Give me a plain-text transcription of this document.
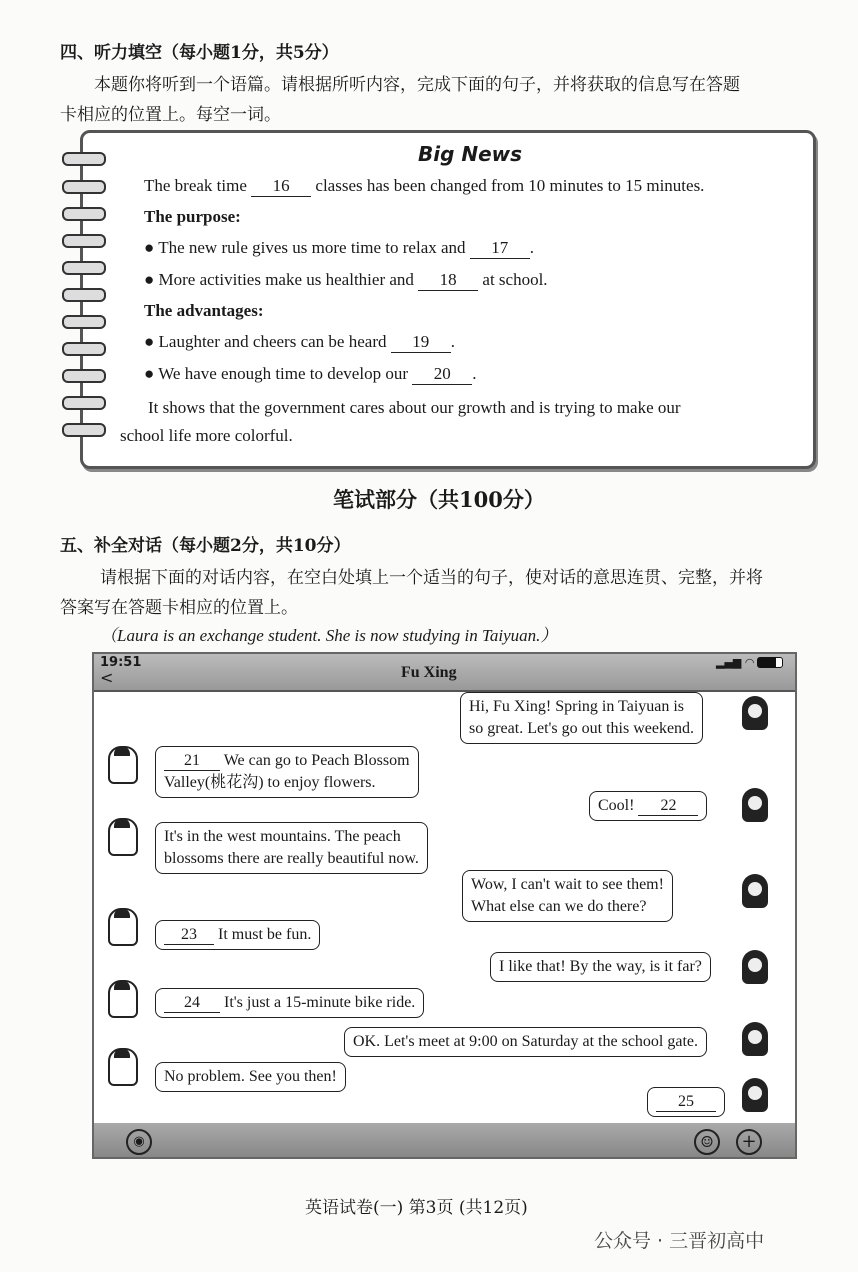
四、听力填空（每小题1分，共5分）
本题你将听到一个语篇。请根据所听内容，完成下面的句子，并将获取的信息写在答题
卡相应的位置上。每空一词。
Big News
The break time 16 classes has been changed from 10 minutes to 15 minutes.
The purpose:
● The new rule gives us more time to relax and 17 .
● More activities make us healthier and 18 at school.
The advantages:
● Laughter and cheers can be heard 19 .
● We have enough time to develop our 20 .
It shows that the government cares about our growth and is trying to make our
school life more colorful.
笔试部分（共100分）
五、补全对话（每小题2分，共10分）
请根据下面的对话内容，在空白处填上一个适当的句子，使对话的意思连贯、完整，并将
答案写在答题卡相应的位置上。
（Laura is an exchange student. She is now studying in Taiyuan.）
19:51
<	Fu Xing
▂▄▆ ◠
Hi, Fu Xing! Spring in Taiyuan is
so great. Let's go out this weekend.
21 We can go to Peach Blossom
Valley(桃花沟) to enjoy flowers.
Cool! 22
It's in the west mountains. The peach
blossoms there are really beautiful now.
Wow, I can't wait to see them!
What else can we do there?
23 It must be fun.
I like that! By the way, is it far?
24 It's just a 15-minute bike ride.
OK. Let's meet at 9:00 on Saturday at the school gate.
No problem. See you then!
25
◉	☺	+
英语试卷(一) 第3页 (共12页)
公众号 · 三晋初高中
